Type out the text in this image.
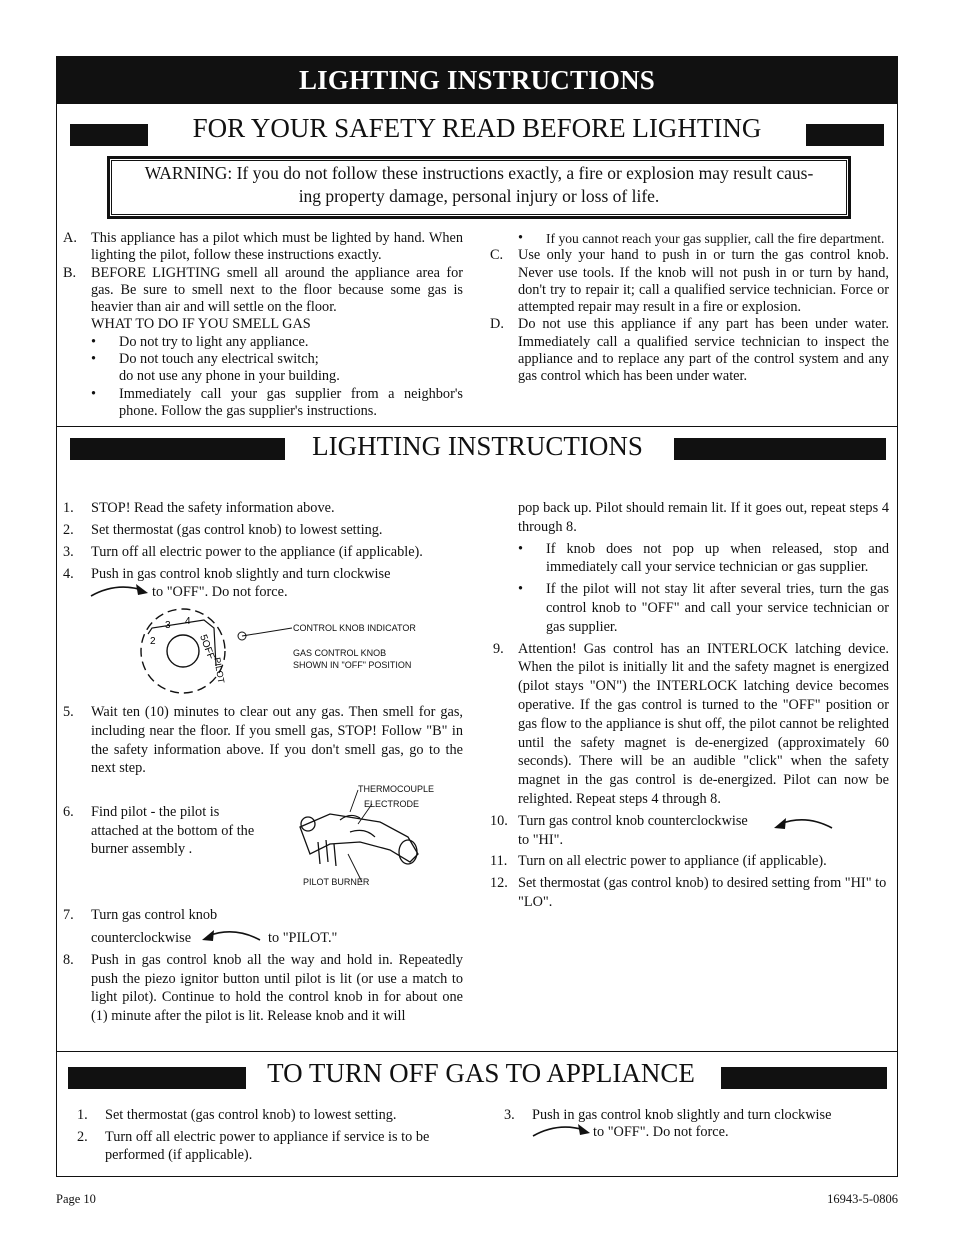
LIGHTING INSTRUCTIONS
FOR YOUR SAFETY READ BEFORE LIGHTING
WARNING: If you do not follow these instructions exactly, a fire or explosion may result caus-
ing property damage, personal injury or loss of life.
A. This appliance has a pilot which must be lighted by hand. When lighting the pilot, follow these instructions exactly.
B.	BEFORE LIGHTING smell all around the appliance area for gas. Be sure to smell next to the floor because some gas is heavier than air and will settle on the floor.
WHAT TO DO IF YOU SMELL GAS
•	Do not try to light any appliance.
•	Do not touch any electrical switch;
do not use any phone in your building.
•	Immediately call your gas supplier from a neighbor's phone. Follow the gas supplier's instructions.
•	If you cannot reach your gas supplier, call the fire department.
C.	Use only your hand to push in or turn the gas control knob. Never use tools. If the knob will not push in or turn by hand, don't try to repair it; call a qualified service technician. Force or attempted repair may result in a fire or explosion.
D. Do not use this appliance if any part has been under water. Immediately call a qualified service technician to inspect the appliance and to replace any part of the control system and any gas control which has been under water.
LIGHTING INSTRUCTIONS
1.	STOP! Read the safety information above.
2.	Set thermostat (gas control knob) to lowest setting.
3.	Turn off all electric power to the appliance (if applicable).
4.	Push in gas control knob slightly and turn clockwise
to "OFF". Do not force.
3 4
2	5OFF
PILOT
CONTROL KNOB INDICATOR
GAS CONTROL KNOB
SHOWN IN "OFF" POSITION
5.	Wait ten (10) minutes to clear out any gas. Then smell for gas, including near the floor. If you smell gas, STOP! Follow "B" in the safety information above. If you don't smell gas, go to the next step.
6.	Find pilot - the pilot is attached at the bottom of the burner assembly .
THERMOCOUPLE
ELECTRODE
PILOT BURNER
7.	Turn gas control knob
counterclockwise	to "PILOT."
8.	Push in gas control knob all the way and hold in. Repeatedly push the piezo ignitor button until pilot is lit (or use a match to light pilot). Continue to hold the control knob in for about one (1) minute after the pilot is lit. Release knob and it will
pop back up. Pilot should remain lit. If it goes out, repeat steps 4 through 8.
•	If knob does not pop up when released, stop and immediately call your service technician or gas supplier.
•	If the pilot will not stay lit after several tries, turn the gas control knob to "OFF" and call your service technician or gas supplier.
9. Attention! Gas control has an INTERLOCK latching device. When the pilot is initially lit and the safety magnet is energized (pilot stays "ON") the INTERLOCK latching device becomes operative. If the gas control is turned to the "OFF" position or gas flow to the appliance is shut off, the pilot cannot be relighted until the safety magnet is de-energized (approximately 60 seconds). There will be an audible "click" when the safety magnet in the gas control is de-energized. Pilot can now be relighted. Repeat steps 4 through 8.
10. Turn gas control knob counterclockwise
to "HI".
11. Turn on all electric power to appliance (if applicable).
12. Set thermostat (gas control knob) to desired setting from "HI" to "LO".
TO TURN OFF GAS TO APPLIANCE
1.	Set thermostat (gas control knob) to lowest setting.
2.	Turn off all electric power to appliance if service is to be performed (if applicable).
3.	Push in gas control knob slightly and turn clockwise
to "OFF". Do not force.
Page 10	16943-5-0806
